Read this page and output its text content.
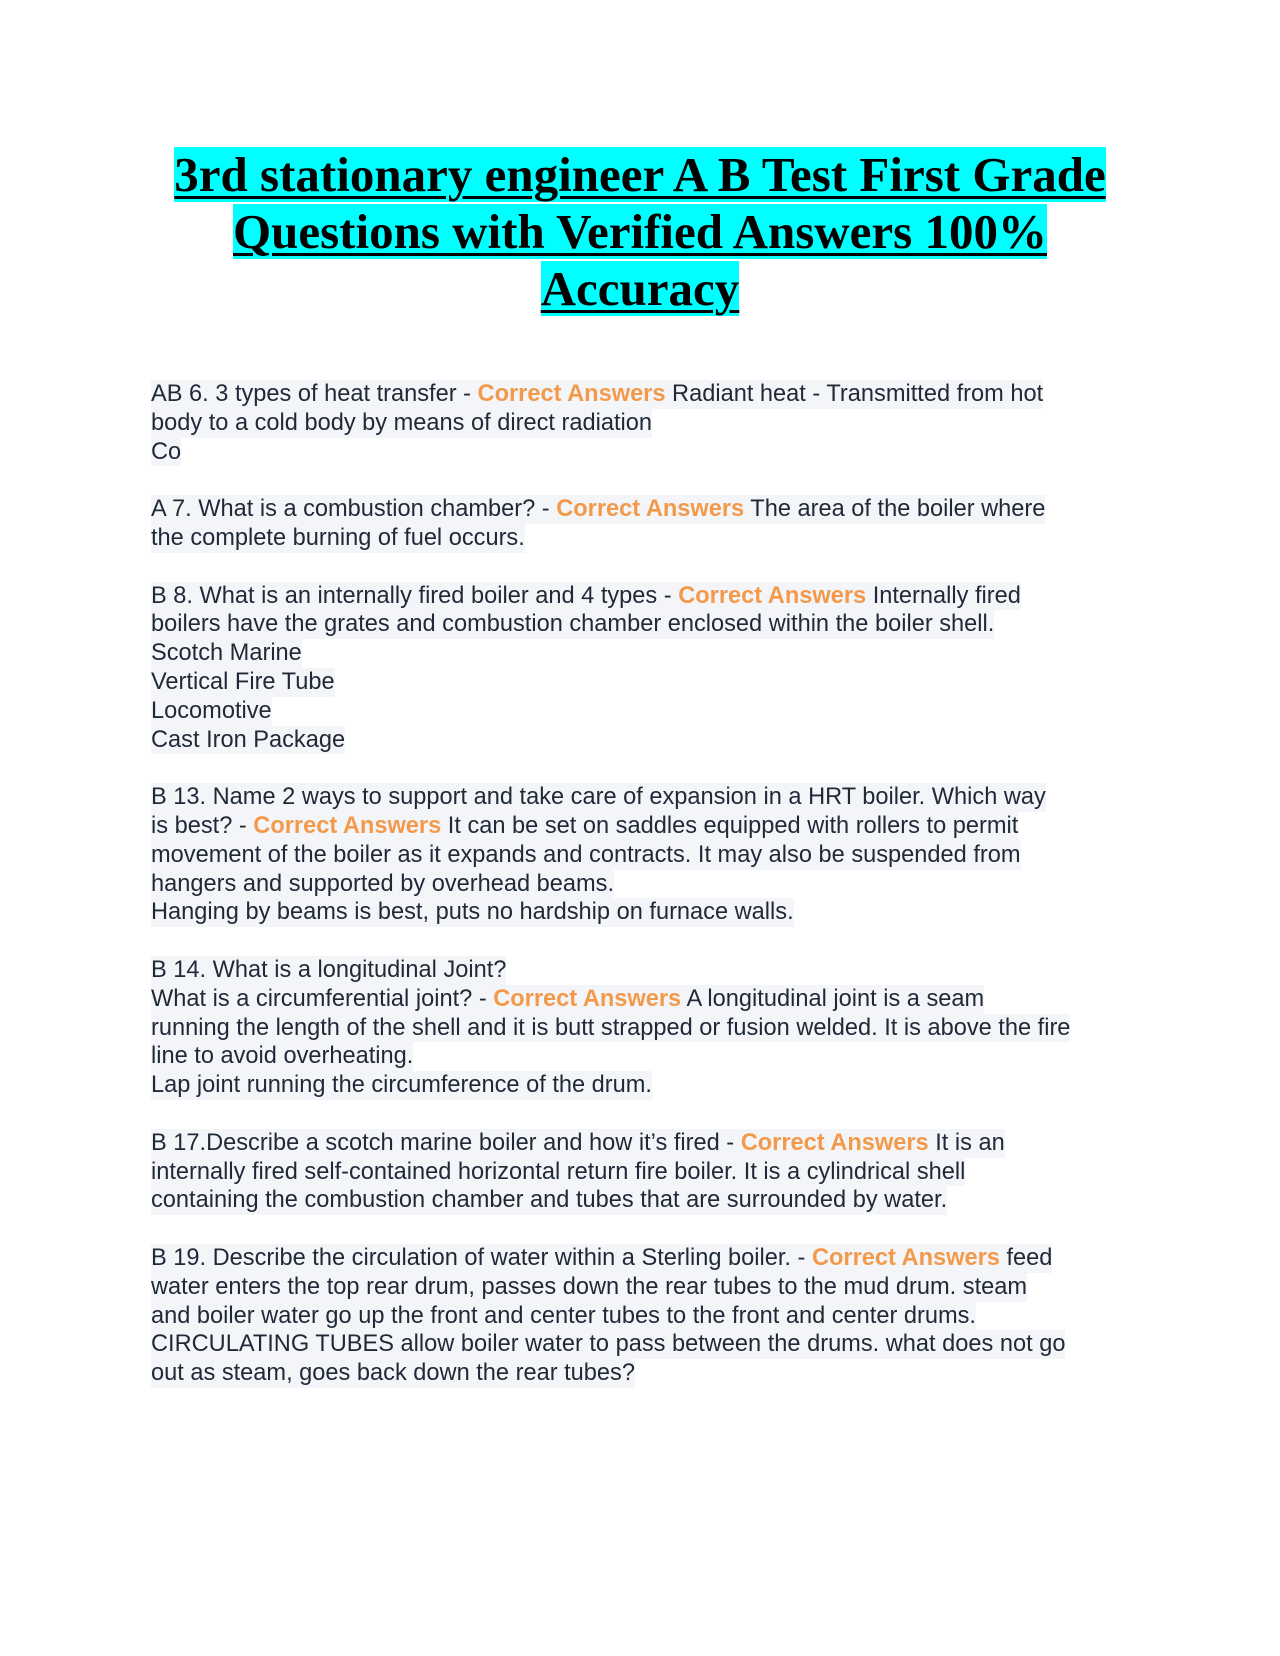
3rd stationary engineer A B Test First Grade
Questions with Verified Answers 100%
Accuracy
AB 6. 3 types of heat transfer - Correct Answers Radiant heat - Transmitted from hot
body to a cold body by means of direct radiation
Co

A 7. What is a combustion chamber? - Correct Answers The area of the boiler where
the complete burning of fuel occurs.

B 8. What is an internally fired boiler and 4 types - Correct Answers Internally fired
boilers have the grates and combustion chamber enclosed within the boiler shell.
Scotch Marine
Vertical Fire Tube
Locomotive
Cast Iron Package

B 13. Name 2 ways to support and take care of expansion in a HRT boiler. Which way
is best? - Correct Answers It can be set on saddles equipped with rollers to permit
movement of the boiler as it expands and contracts. It may also be suspended from
hangers and supported by overhead beams.
Hanging by beams is best, puts no hardship on furnace walls.

B 14. What is a longitudinal Joint?
What is a circumferential joint? - Correct Answers A longitudinal joint is a seam
running the length of the shell and it is butt strapped or fusion welded. It is above the fire
line to avoid overheating.
Lap joint running the circumference of the drum.

B 17.Describe a scotch marine boiler and how it’s fired - Correct Answers It is an
internally fired self-contained horizontal return fire boiler. It is a cylindrical shell
containing the combustion chamber and tubes that are surrounded by water.

B 19. Describe the circulation of water within a Sterling boiler. - Correct Answers feed
water enters the top rear drum, passes down the rear tubes to the mud drum. steam
and boiler water go up the front and center tubes to the front and center drums.
CIRCULATING TUBES allow boiler water to pass between the drums. what does not go
out as steam, goes back down the rear tubes?
